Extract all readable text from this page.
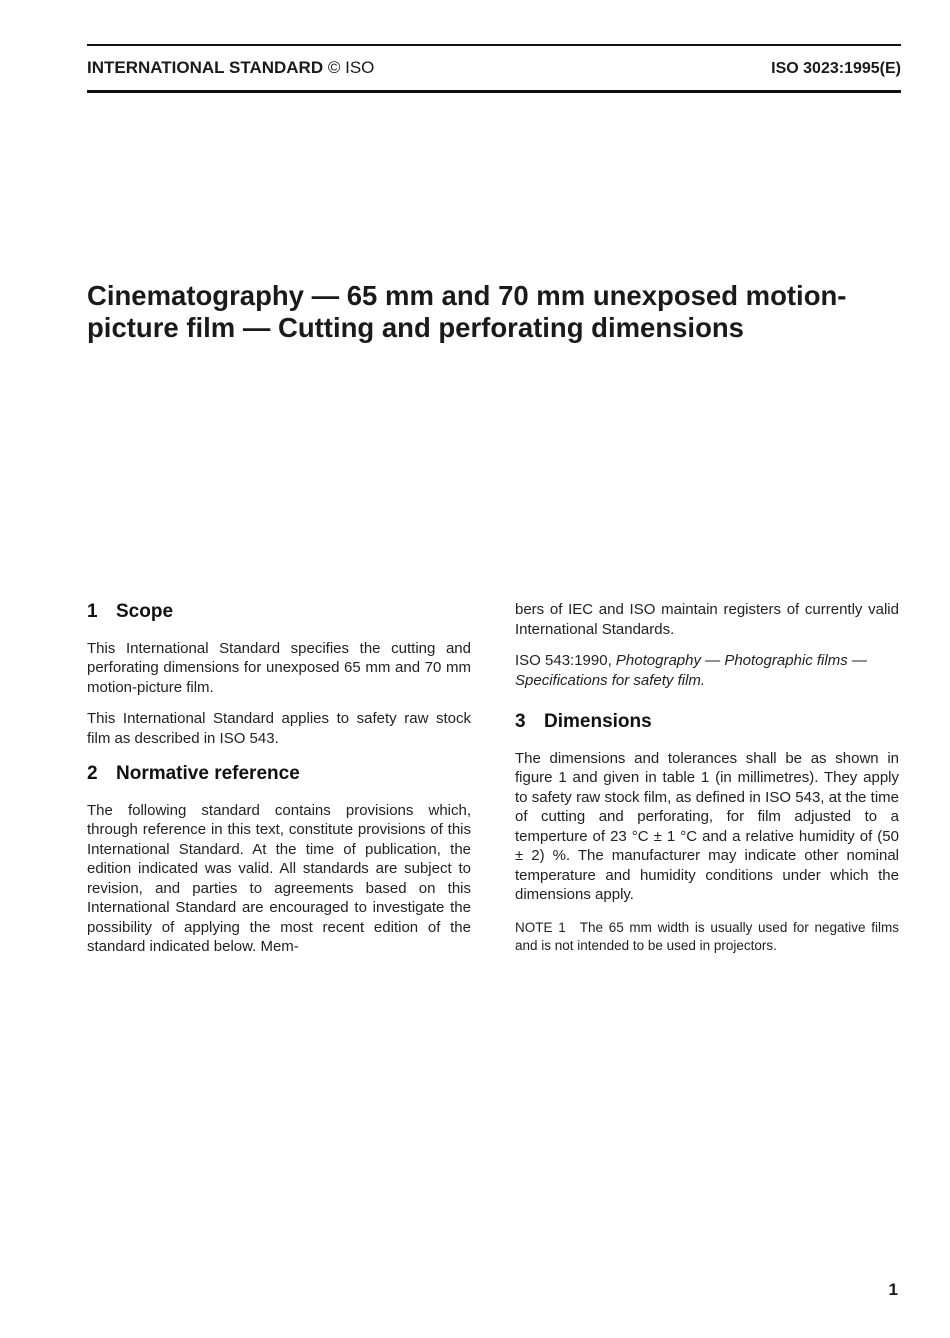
INTERNATIONAL STANDARD © ISO	ISO 3023:1995(E)
Cinematography — 65 mm and 70 mm unexposed motion-picture film — Cutting and perforating dimensions
1 Scope

This International Standard specifies the cutting and perforating dimensions for unexposed 65 mm and 70 mm motion-picture film.

This International Standard applies to safety raw stock film as described in ISO 543.

2 Normative reference

The following standard contains provisions which, through reference in this text, constitute provisions of this International Standard. At the time of publication, the edition indicated was valid. All standards are subject to revision, and parties to agreements based on this International Standard are encouraged to investigate the possibility of applying the most recent edition of the standard indicated below. Mem-

bers of IEC and ISO maintain registers of currently valid International Standards.

ISO 543:1990, Photography — Photographic films — Specifications for safety film.

3 Dimensions

The dimensions and tolerances shall be as shown in figure 1 and given in table 1 (in millimetres). They apply to safety raw stock film, as defined in ISO 543, at the time of cutting and perforating, for film adjusted to a temperture of 23 °C ± 1 °C and a relative humidity of (50 ± 2) %. The manufacturer may indicate other nominal temperature and humidity conditions under which the dimensions apply.

NOTE 1 The 65 mm width is usually used for negative films and is not intended to be used in projectors.
1
